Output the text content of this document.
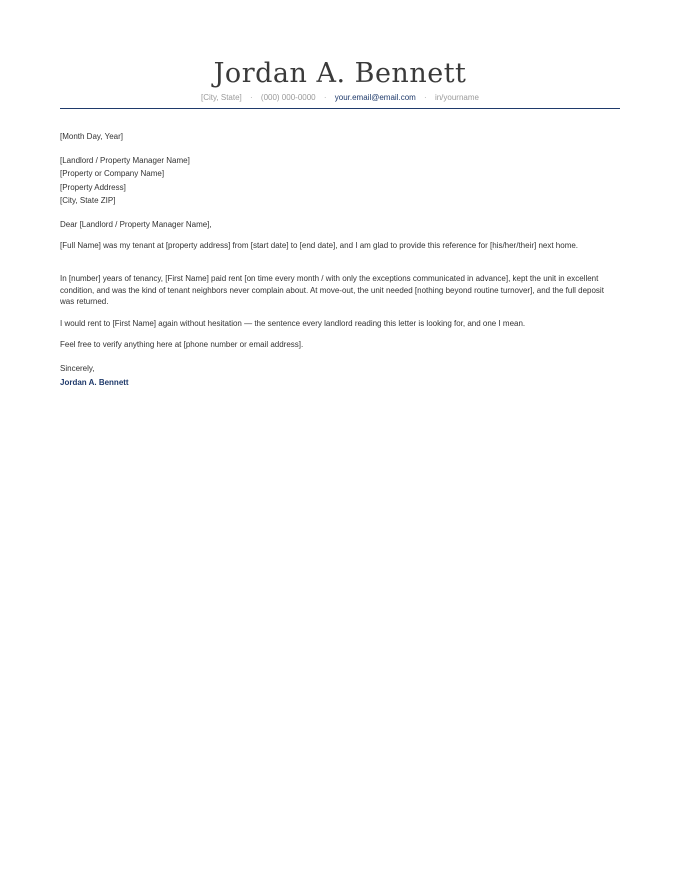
Jordan A. Bennett
[City, State] · (000) 000-0000 · your.email@email.com · in/yourname

[Month Day, Year]

[Landlord / Property Manager Name]
[Property or Company Name]
[Property Address]
[City, State ZIP]

Dear [Landlord / Property Manager Name],

[Full Name] was my tenant at [property address] from [start date] to [end date], and I am glad to provide this reference for [his/her/their] next home.

In [number] years of tenancy, [First Name] paid rent [on time every month / with only the exceptions communicated in advance], kept the unit in excellent condition, and was the kind of tenant neighbors never complain about. At move-out, the unit needed [nothing beyond routine turnover], and the full deposit was returned.

I would rent to [First Name] again without hesitation — the sentence every landlord reading this letter is looking for, and one I mean.

Feel free to verify anything here at [phone number or email address].

Sincerely,

Jordan A. Bennett
